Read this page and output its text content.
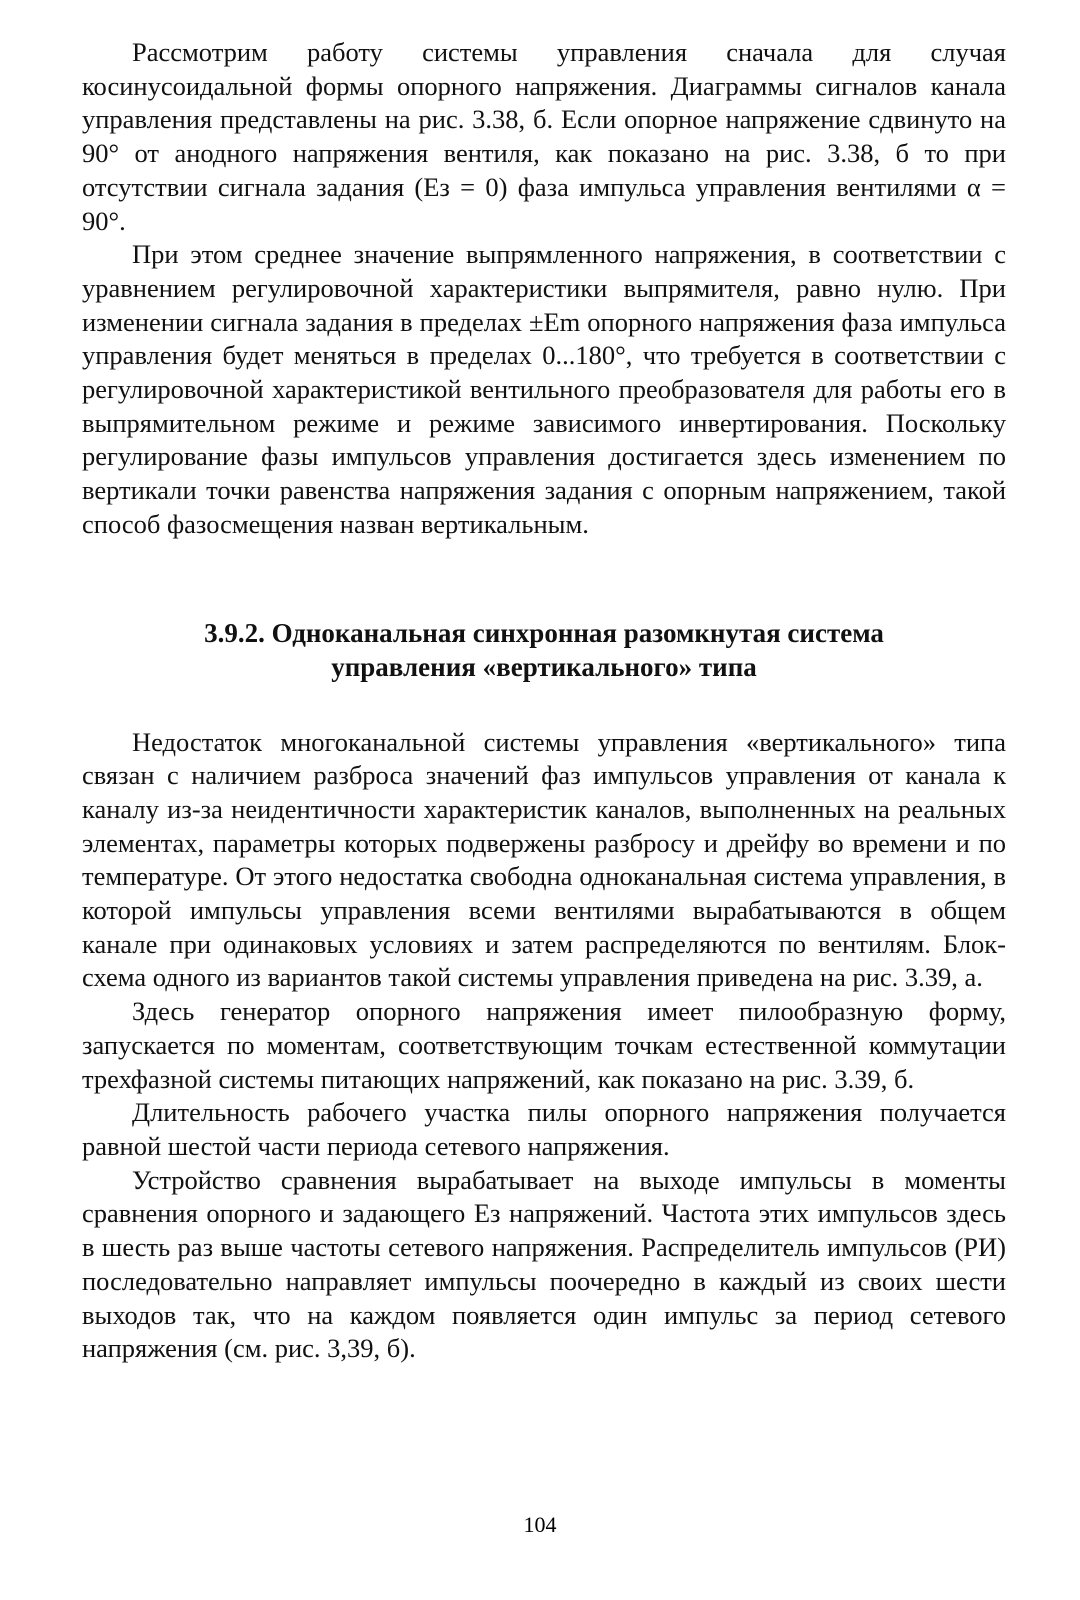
Рассмотрим работу системы управления сначала для случая косинусоидальной формы опорного напряжения. Диаграммы сигналов канала управления представлены на рис. 3.38, б. Если опорное напряжение сдвинуто на 90° от анодного напряжения вентиля, как показано на рис. 3.38, б то при отсутствии сигнала задания (Eз = 0) фаза импульса управления вентилями α = 90°.

При этом среднее значение выпрямленного напряжения, в соответствии с уравнением регулировочной характеристики выпрямителя, равно нулю. При изменении сигнала задания в пределах ±Em опорного напряжения фаза импульса управления будет меняться в пределах 0...180°, что требуется в соответствии с регулировочной характеристикой вентильного преобразователя для работы его в выпрямительном режиме и режиме зависимого инвертирования. Поскольку регулирование фазы импульсов управления достигается здесь изменением по вертикали точки равенства напряжения задания с опорным напряжением, такой способ фазосмещения назван вертикальным.

3.9.2. Одноканальная синхронная разомкнутая система
управления «вертикального» типа

Недостаток многоканальной системы управления «вертикального» типа связан с наличием разброса значений фаз импульсов управления от канала к каналу из-за неидентичности характеристик каналов, выполненных на реальных элементах, параметры которых подвержены разбросу и дрейфу во времени и по температуре. От этого недостатка свободна одноканальная система управления, в которой импульсы управления всеми вентилями вырабатываются в общем канале при одинаковых условиях и затем распределяются по вентилям. Блок-схема одного из вариантов такой системы управления приведена на рис. 3.39, а.

Здесь генератор опорного напряжения имеет пилообразную форму, запускается по моментам, соответствующим точкам естественной коммутации трехфазной системы питающих напряжений, как показано на рис. 3.39, б.

Длительность рабочего участка пилы опорного напряжения получается равной шестой части периода сетевого напряжения.

Устройство сравнения вырабатывает на выходе импульсы в моменты сравнения опорного и задающего Eз напряжений. Частота этих импульсов здесь в шесть раз выше частоты сетевого напряжения. Распределитель импульсов (РИ) последовательно направляет импульсы поочередно в каждый из своих шести выходов так, что на каждом появляется один импульс за период сетевого напряжения (см. рис. 3,39, б).

104
